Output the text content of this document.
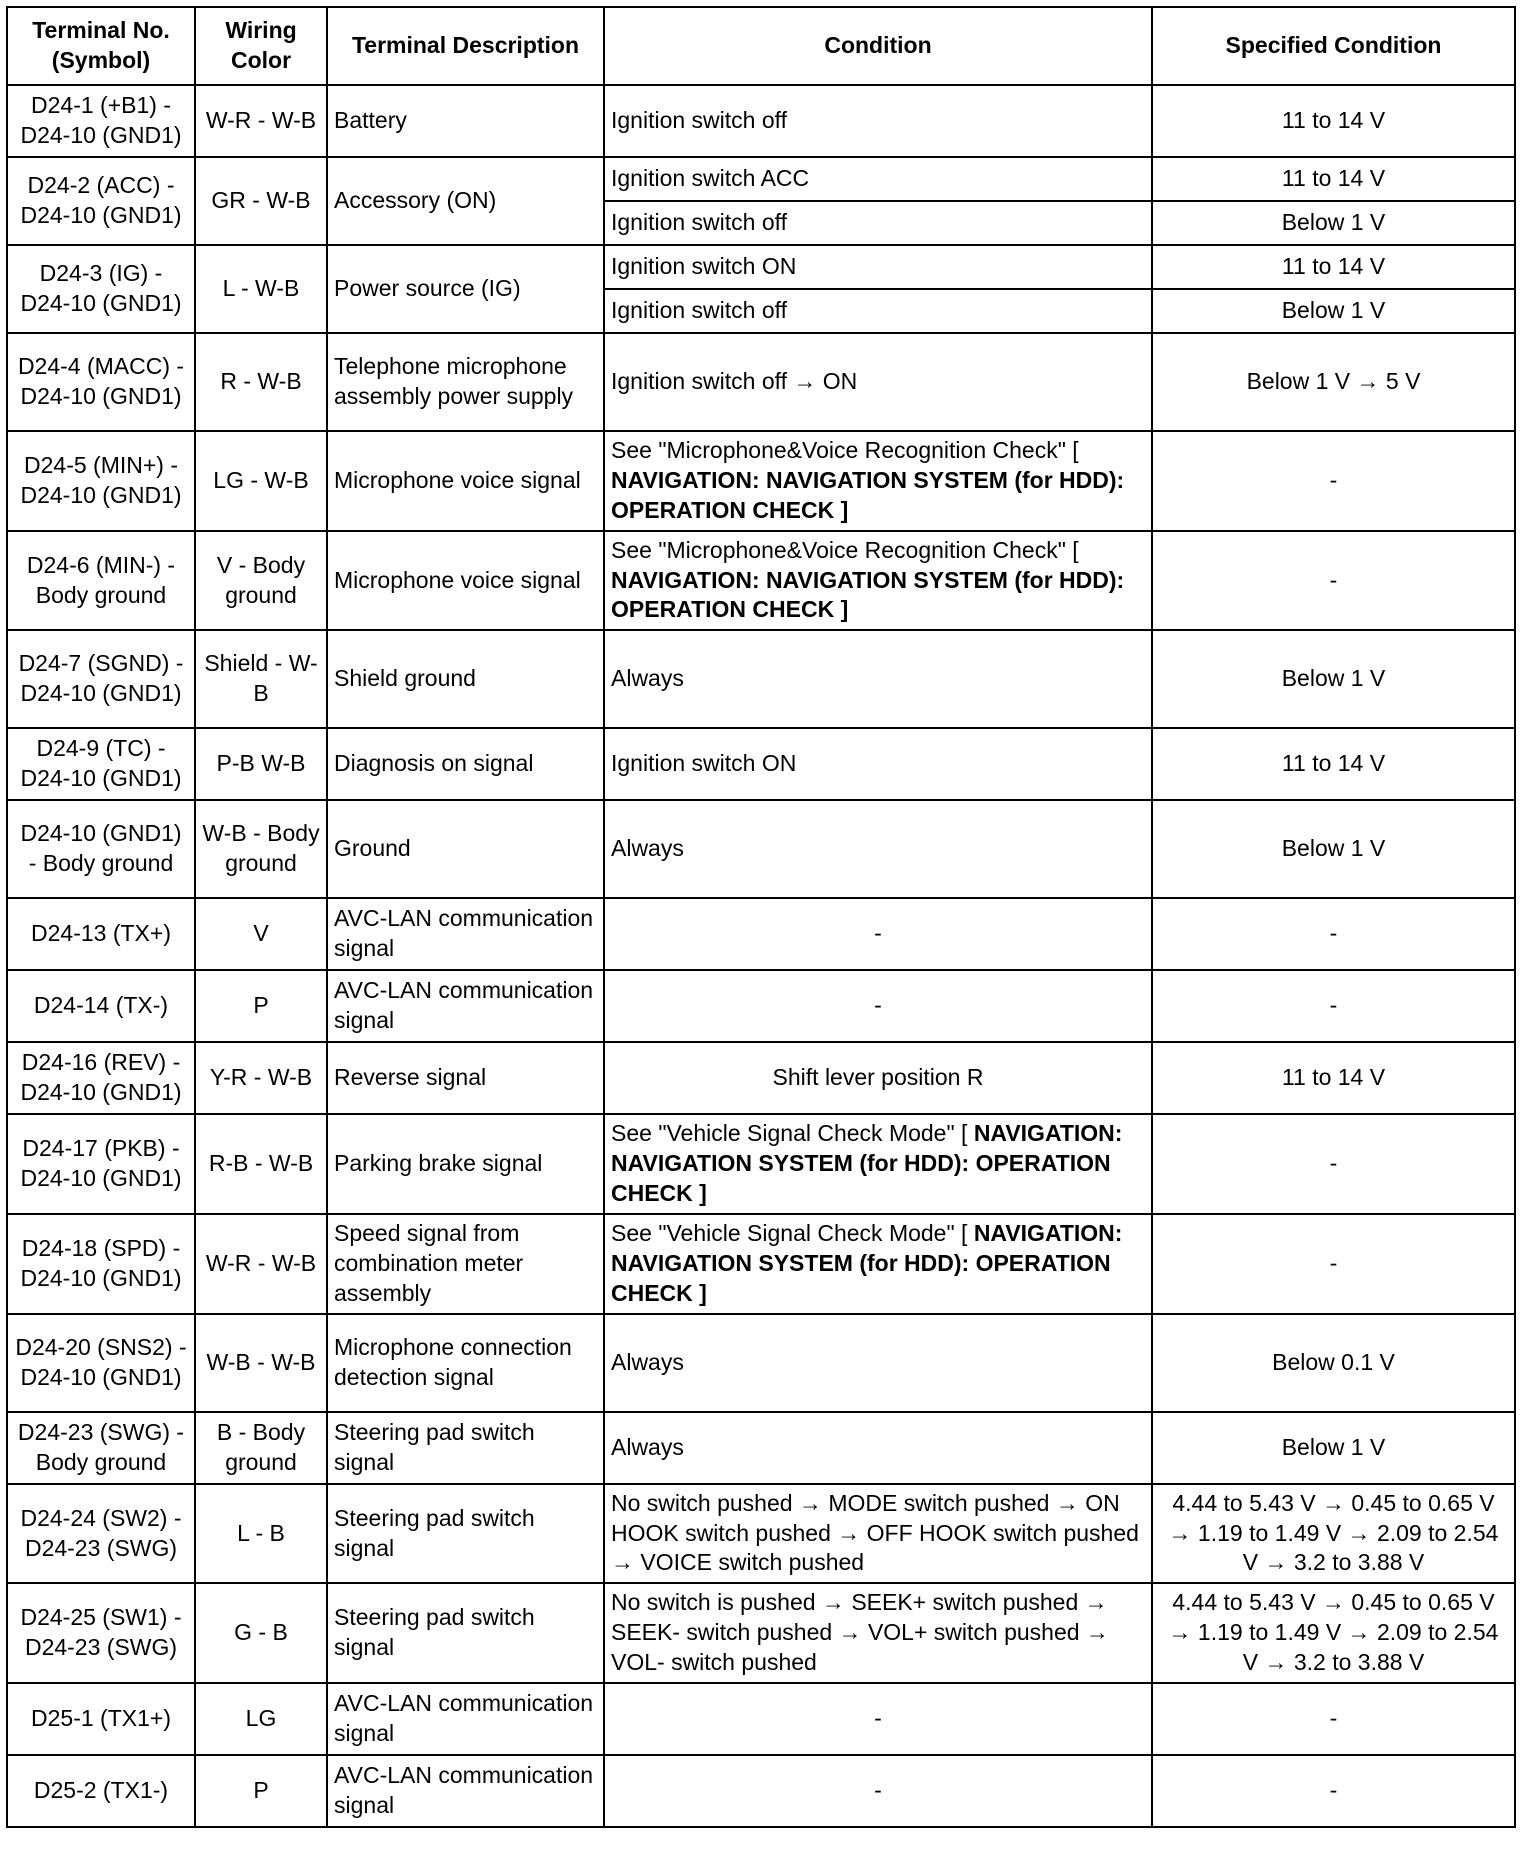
Terminal No. (Symbol)	Wiring Color	Terminal Description	Condition	Specified Condition
D24-1 (+B1) - D24-10 (GND1)	W-R - W-B	Battery	Ignition switch off	11 to 14 V
D24-2 (ACC) - D24-10 (GND1)	GR - W-B	Accessory (ON)	Ignition switch ACC	11 to 14 V
			Ignition switch off	Below 1 V
D24-3 (IG) - D24-10 (GND1)	L - W-B	Power source (IG)	Ignition switch ON	11 to 14 V
			Ignition switch off	Below 1 V
D24-4 (MACC) - D24-10 (GND1)	R - W-B	Telephone microphone assembly power supply	Ignition switch off → ON	Below 1 V → 5 V
D24-5 (MIN+) - D24-10 (GND1)	LG - W-B	Microphone voice signal	See "Microphone&Voice Recognition Check" [ NAVIGATION: NAVIGATION SYSTEM (for HDD): OPERATION CHECK ]	-
D24-6 (MIN-) - Body ground	V - Body ground	Microphone voice signal	See "Microphone&Voice Recognition Check" [ NAVIGATION: NAVIGATION SYSTEM (for HDD): OPERATION CHECK ]	-
D24-7 (SGND) - D24-10 (GND1)	Shield - W-B	Shield ground	Always	Below 1 V
D24-9 (TC) - D24-10 (GND1)	P-B W-B	Diagnosis on signal	Ignition switch ON	11 to 14 V
D24-10 (GND1) - Body ground	W-B - Body ground	Ground	Always	Below 1 V
D24-13 (TX+)	V	AVC-LAN communication signal	-	-
D24-14 (TX-)	P	AVC-LAN communication signal	-	-
D24-16 (REV) - D24-10 (GND1)	Y-R - W-B	Reverse signal	Shift lever position R	11 to 14 V
D24-17 (PKB) - D24-10 (GND1)	R-B - W-B	Parking brake signal	See "Vehicle Signal Check Mode" [ NAVIGATION: NAVIGATION SYSTEM (for HDD): OPERATION CHECK ]	-
D24-18 (SPD) - D24-10 (GND1)	W-R - W-B	Speed signal from combination meter assembly	See "Vehicle Signal Check Mode" [ NAVIGATION: NAVIGATION SYSTEM (for HDD): OPERATION CHECK ]	-
D24-20 (SNS2) - D24-10 (GND1)	W-B - W-B	Microphone connection detection signal	Always	Below 0.1 V
D24-23 (SWG) - Body ground	B - Body ground	Steering pad switch signal	Always	Below 1 V
D24-24 (SW2) - D24-23 (SWG)	L - B	Steering pad switch signal	No switch pushed → MODE switch pushed → ON HOOK switch pushed → OFF HOOK switch pushed → VOICE switch pushed	4.44 to 5.43 V → 0.45 to 0.65 V → 1.19 to 1.49 V → 2.09 to 2.54 V → 3.2 to 3.88 V
D24-25 (SW1) - D24-23 (SWG)	G - B	Steering pad switch signal	No switch is pushed → SEEK+ switch pushed → SEEK- switch pushed → VOL+ switch pushed → VOL- switch pushed	4.44 to 5.43 V → 0.45 to 0.65 V → 1.19 to 1.49 V → 2.09 to 2.54 V → 3.2 to 3.88 V
D25-1 (TX1+)	LG	AVC-LAN communication signal	-	-
D25-2 (TX1-)	P	AVC-LAN communication signal	-	-
